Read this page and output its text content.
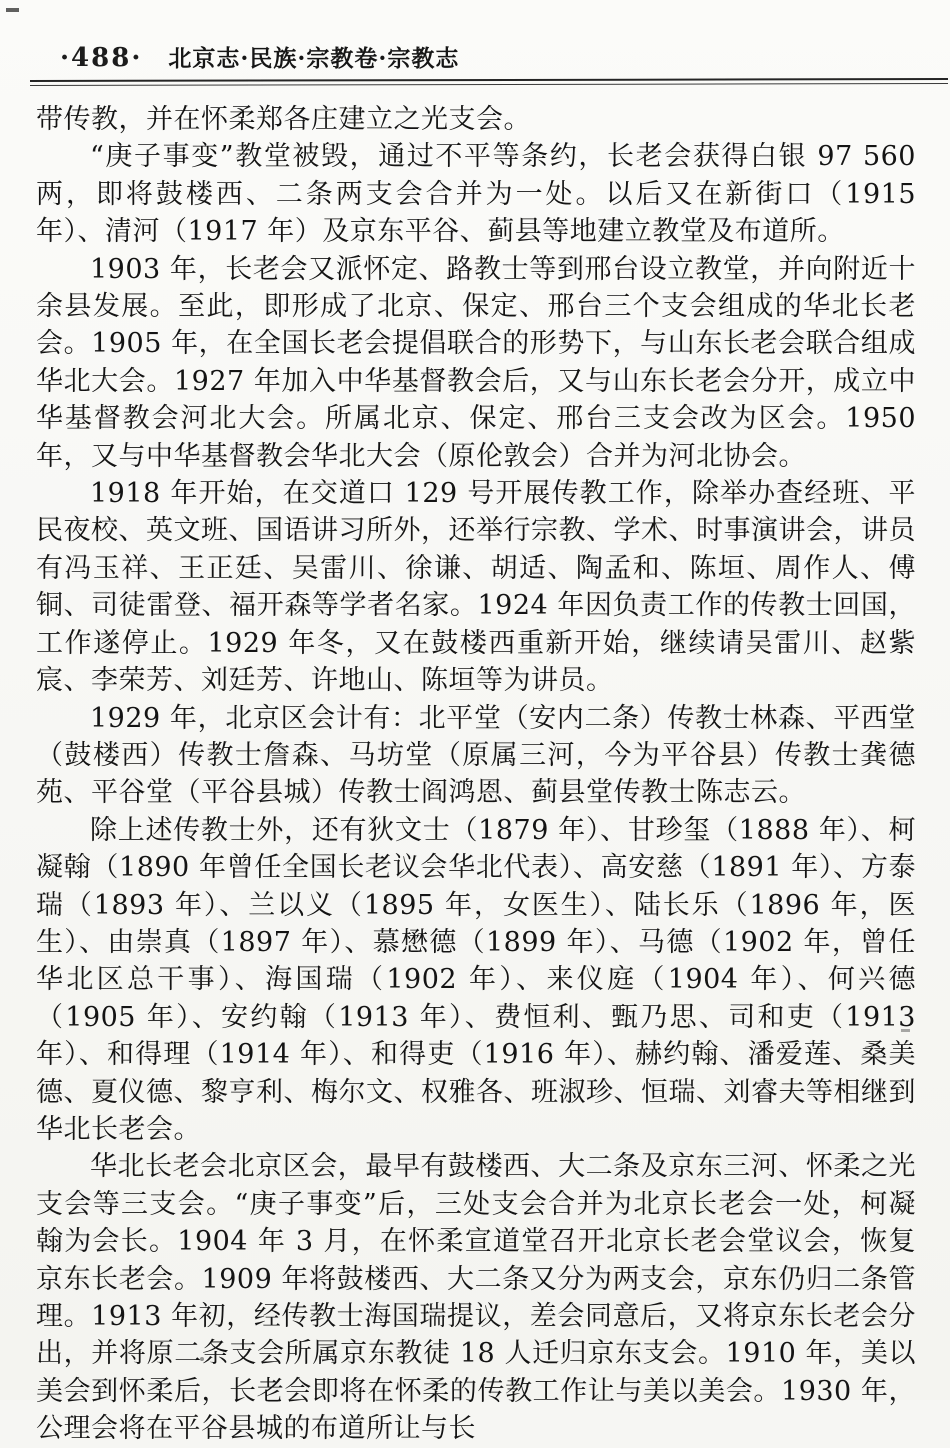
·488· 北京志·民族·宗教卷·宗教志

带传教，并在怀柔郑各庄建立之光支会。

“庚子事变”教堂被毁，通过不平等条约，长老会获得白银 97 560 两，即将鼓楼西、二条两支会合并为一处。以后又在新街口（1915 年）、清河（1917 年）及京东平谷、蓟县等地建立教堂及布道所。

1903 年，长老会又派怀定、路教士等到邢台设立教堂，并向附近十余县发展。至此，即形成了北京、保定、邢台三个支会组成的华北长老会。1905 年，在全国长老会提倡联合的形势下，与山东长老会联合组成华北大会。1927 年加入中华基督教会后，又与山东长老会分开，成立中华基督教会河北大会。所属北京、保定、邢台三支会改为区会。1950 年，又与中华基督教会华北大会（原伦敦会）合并为河北协会。

1918 年开始，在交道口 129 号开展传教工作，除举办查经班、平民夜校、英文班、国语讲习所外，还举行宗教、学术、时事演讲会，讲员有冯玉祥、王正廷、吴雷川、徐谦、胡适、陶孟和、陈垣、周作人、傅铜、司徒雷登、福开森等学者名家。1924 年因负责工作的传教士回国，工作遂停止。1929 年冬，又在鼓楼西重新开始，继续请吴雷川、赵紫宸、李荣芳、刘廷芳、许地山、陈垣等为讲员。

1929 年，北京区会计有：北平堂（安内二条）传教士林森、平西堂（鼓楼西）传教士詹森、马坊堂（原属三河，今为平谷县）传教士龚德苑、平谷堂（平谷县城）传教士阎鸿恩、蓟县堂传教士陈志云。

除上述传教士外，还有狄文士（1879 年）、甘珍玺（1888 年）、柯凝翰（1890 年曾任全国长老议会华北代表）、高安慈（1891 年）、方泰瑞（1893 年）、兰以义（1895 年，女医生）、陆长乐（1896 年，医生）、由崇真（1897 年）、慕懋德（1899 年）、马德（1902 年，曾任华北区总干事）、海国瑞（1902 年）、来仪庭（1904 年）、何兴德（1905 年）、安约翰（1913 年）、费恒利、甄乃思、司和吏（1913 年）、和得理（1914 年）、和得吏（1916 年）、赫约翰、潘爱莲、桑美德、夏仪德、黎亨利、梅尔文、权雅各、班淑珍、恒瑞、刘睿夫等相继到华北长老会。

华北长老会北京区会，最早有鼓楼西、大二条及京东三河、怀柔之光支会等三支会。“庚子事变”后，三处支会合并为北京长老会一处，柯凝翰为会长。1904 年 3 月，在怀柔宣道堂召开北京长老会堂议会，恢复京东长老会。1909 年将鼓楼西、大二条又分为两支会，京东仍归二条管理。1913 年初，经传教士海国瑞提议，差会同意后，又将京东长老会分出，并将原二条支会所属京东教徒 18 人迁归京东支会。1910 年，美以美会到怀柔后，长老会即将在怀柔的传教工作让与美以美会。1930 年，公理会将在平谷县城的布道所让与长
